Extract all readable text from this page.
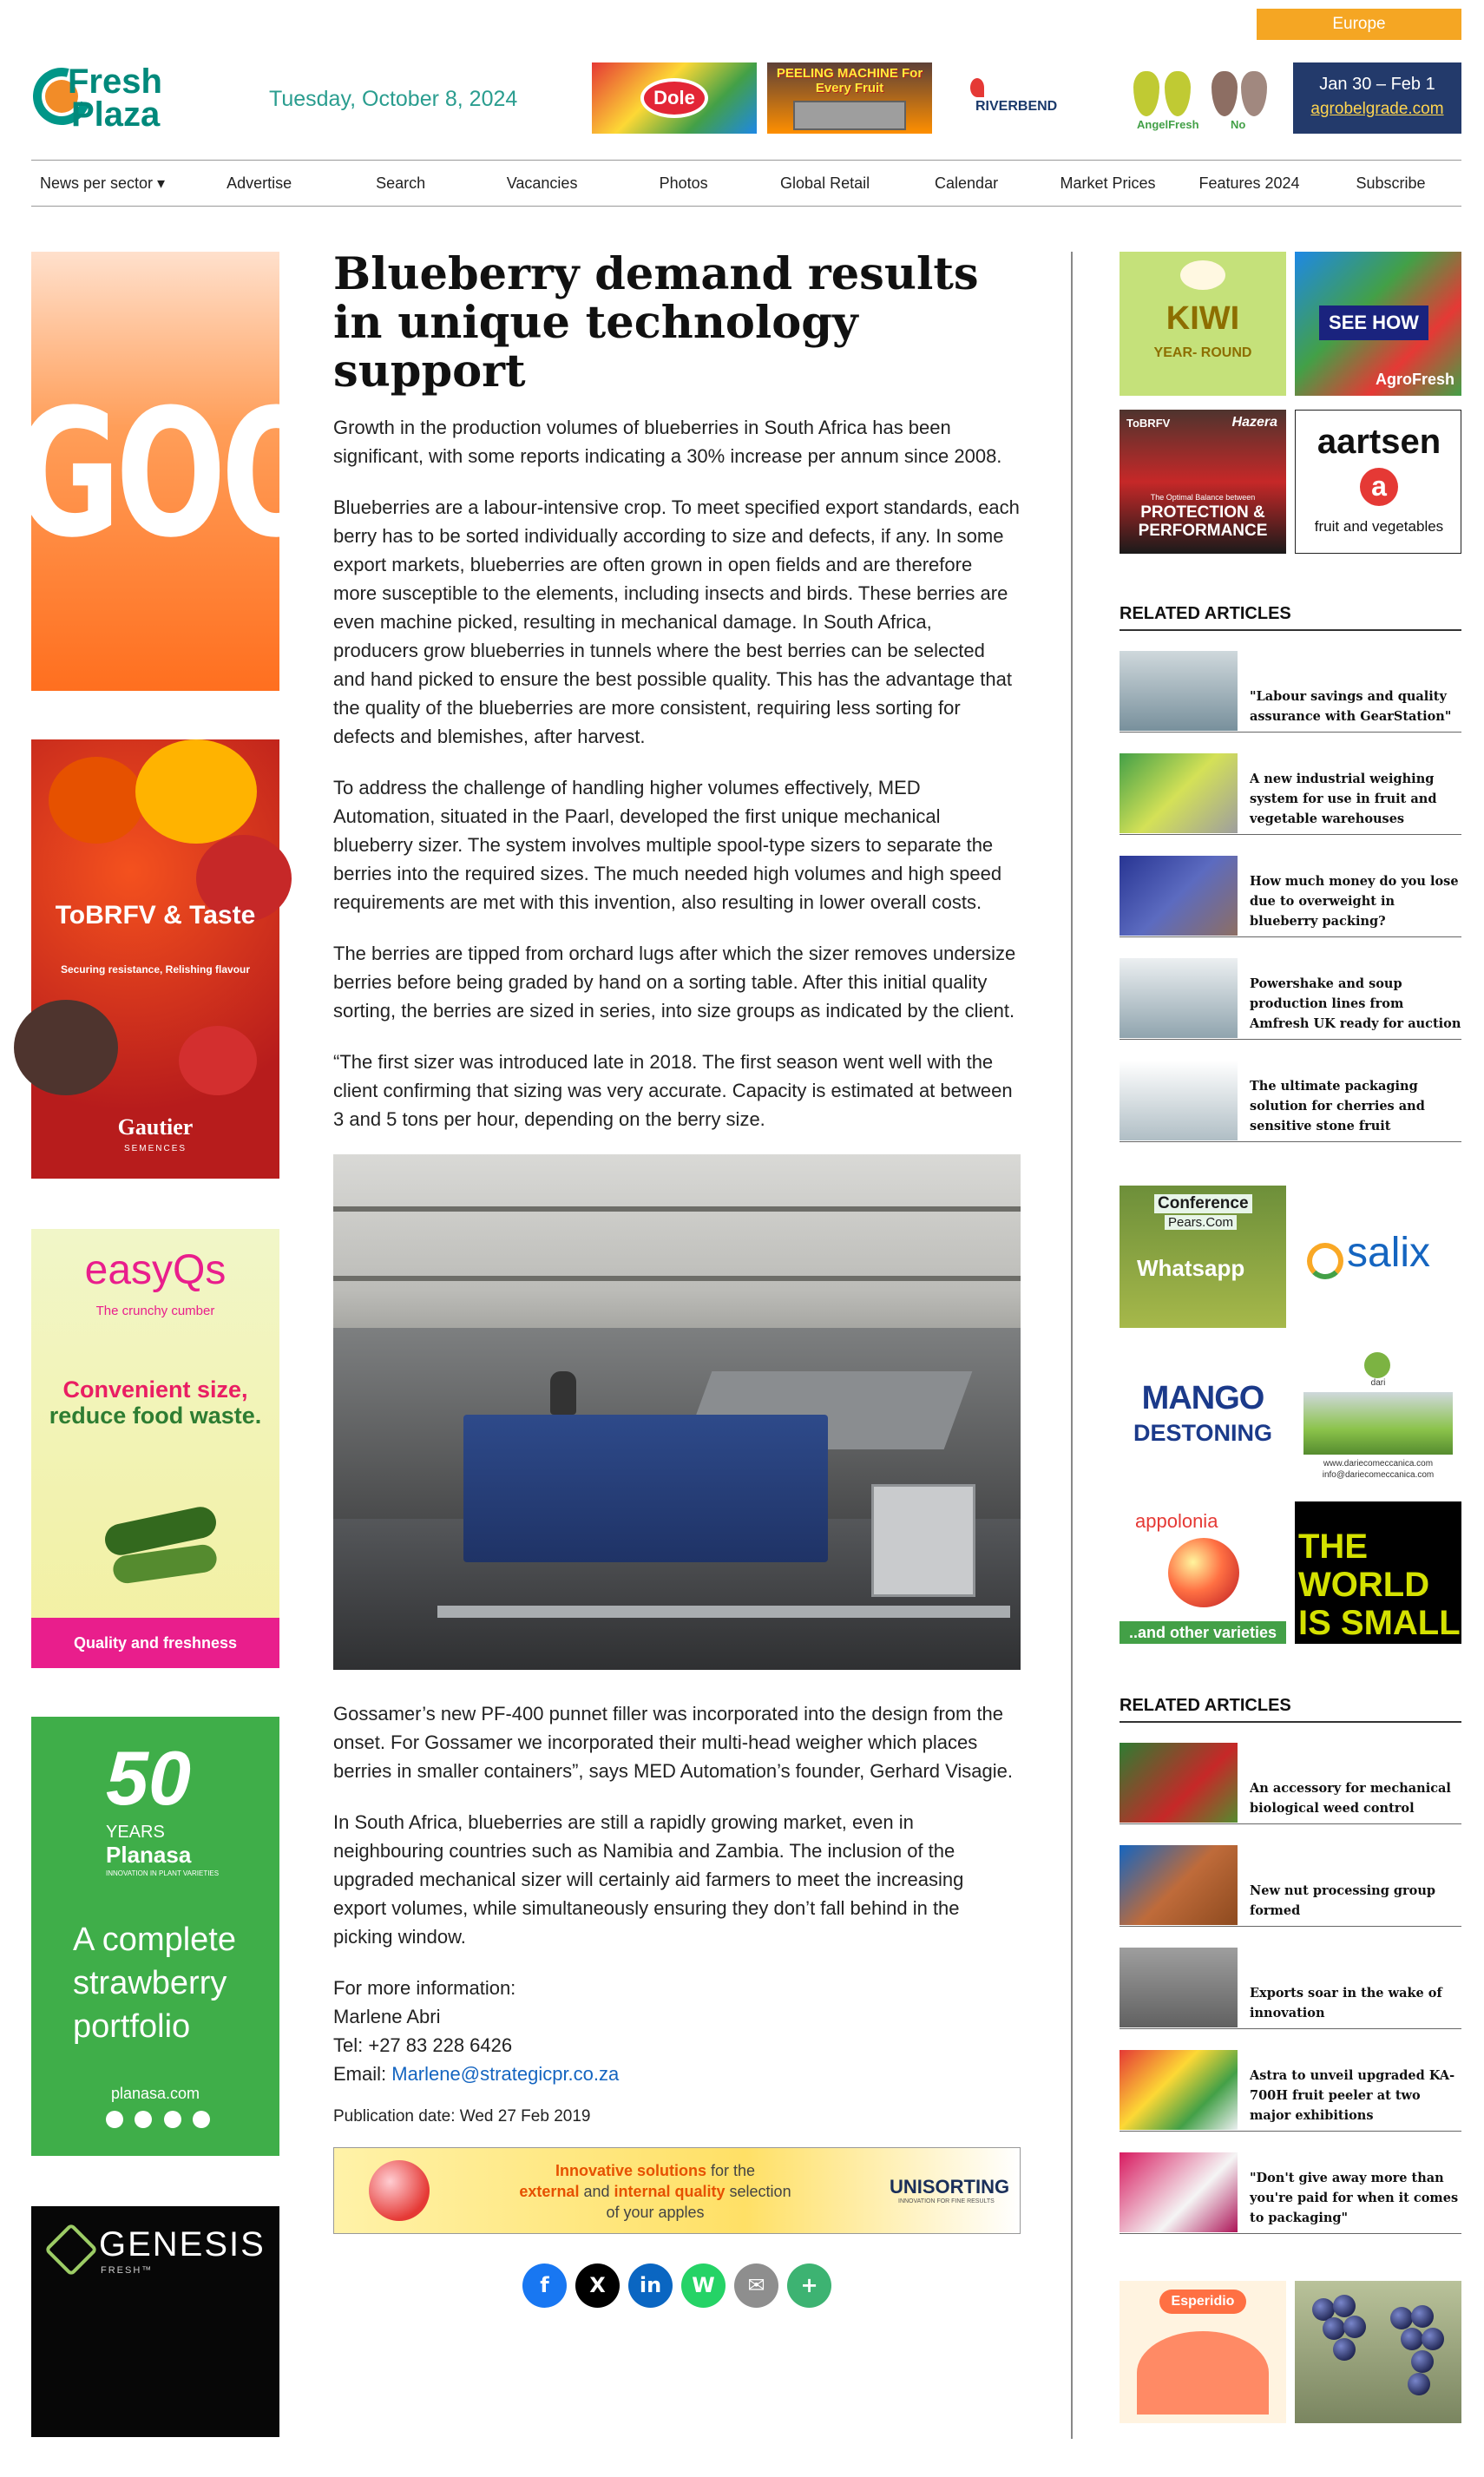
Europe
Fresh
Plaza	Tuesday, October 8, 2024	Dole
PEELING MACHINE For Every Fruit
RIVERBEND
AngelFresh	No
Jan 30 – Feb 1
agrobelgrade.com
News per sector ▾	Advertise	Search	Vacancies	Photos	Global Retail	Calendar	Market Prices	Features 2024	Subscribe
GOOD
ToBRFV & Taste
Securing resistance, Relishing flavour
Gautier
SEMENCES
easyQs
The crunchy cumber
Convenient size,
reduce food waste.
Quality and freshness
50
YEARS
Planasa
INNOVATION IN PLANT VARIETIES
A complete
strawberry
portfolio
planasa.com
GENESIS
FRESH™
Blueberry demand results in unique technology support

Growth in the production volumes of blueberries in South Africa has been significant, with some reports indicating a 30% increase per annum since 2008.

Blueberries are a labour-intensive crop. To meet specified export standards, each berry has to be sorted individually according to size and defects, if any. In some export markets, blueberries are often grown in open fields and are therefore more susceptible to the elements, including insects and birds. These berries are even machine picked, resulting in mechanical damage. In South Africa, producers grow blueberries in tunnels where the best berries can be selected and hand picked to ensure the best possible quality. This has the advantage that the quality of the blueberries are more consistent, requiring less sorting for defects and blemishes, after harvest.

To address the challenge of handling higher volumes effectively, MED Automation, situated in the Paarl, developed the first unique mechanical blueberry sizer. The system involves multiple spool-type sizers to separate the berries into the required sizes. The much needed high volumes and high speed requirements are met with this invention, also resulting in lower overall costs.

The berries are tipped from orchard lugs after which the sizer removes undersize berries before being graded by hand on a sorting table. After this initial quality sorting, the berries are sized in series, into size groups as indicated by the client.

“The first sizer was introduced late in 2018. The first season went well with the client confirming that sizing was very accurate. Capacity is estimated at between 3 and 5 tons per hour, depending on the berry size.

Gossamer’s new PF-400 punnet filler was incorporated into the design from the onset. For Gossamer we incorporated their multi-head weigher which places berries in smaller containers”, says MED Automation’s founder, Gerhard Visagie.

In South Africa, blueberries are still a rapidly growing market, even in neighbouring countries such as Namibia and Zambia. The inclusion of the upgraded mechanical sizer will certainly aid farmers to meet the increasing export volumes, while simultaneously ensuring they don’t fall behind in the picking window.

For more information:
Marlene Abri
Tel: +27 83 228 6426
Email: Marlene@strategicpr.co.za
Publication date: Wed 27 Feb 2019
Innovative solutions for the
external and internal quality selection
of your apples
UNISORTING
INNOVATION FOR FINE RESULTS
f	X	in	W	✉	+
KIWI
YEAR- ROUND
SEE HOW
AgroFresh
ToBRFV	Hazera
The Optimal Balance between
PROTECTION & PERFORMANCE
aartsen
a
fruit and vegetables
RELATED ARTICLES
"Labour savings and quality assurance with GearStation"
A new industrial weighing system for use in fruit and vegetable warehouses
How much money do you lose due to overweight in blueberry packing?
Powershake and soup production lines from Amfresh UK ready for auction
The ultimate packaging solution for cherries and sensitive stone fruit
Conference
Pears.Com
Whatsapp salix
MANGO
DESTONING
dari
www.dariecomeccanica.com
info@dariecomeccanica.com
appolonia
..and other varieties
THE
WORLD
IS SMALL
RELATED ARTICLES
An accessory for mechanical biological weed control
New nut processing group formed
Exports soar in the wake of innovation
Astra to unveil upgraded KA-700H fruit peeler at two major exhibitions
"Don't give away more than you're paid for when it comes to packaging"
Esperidio
